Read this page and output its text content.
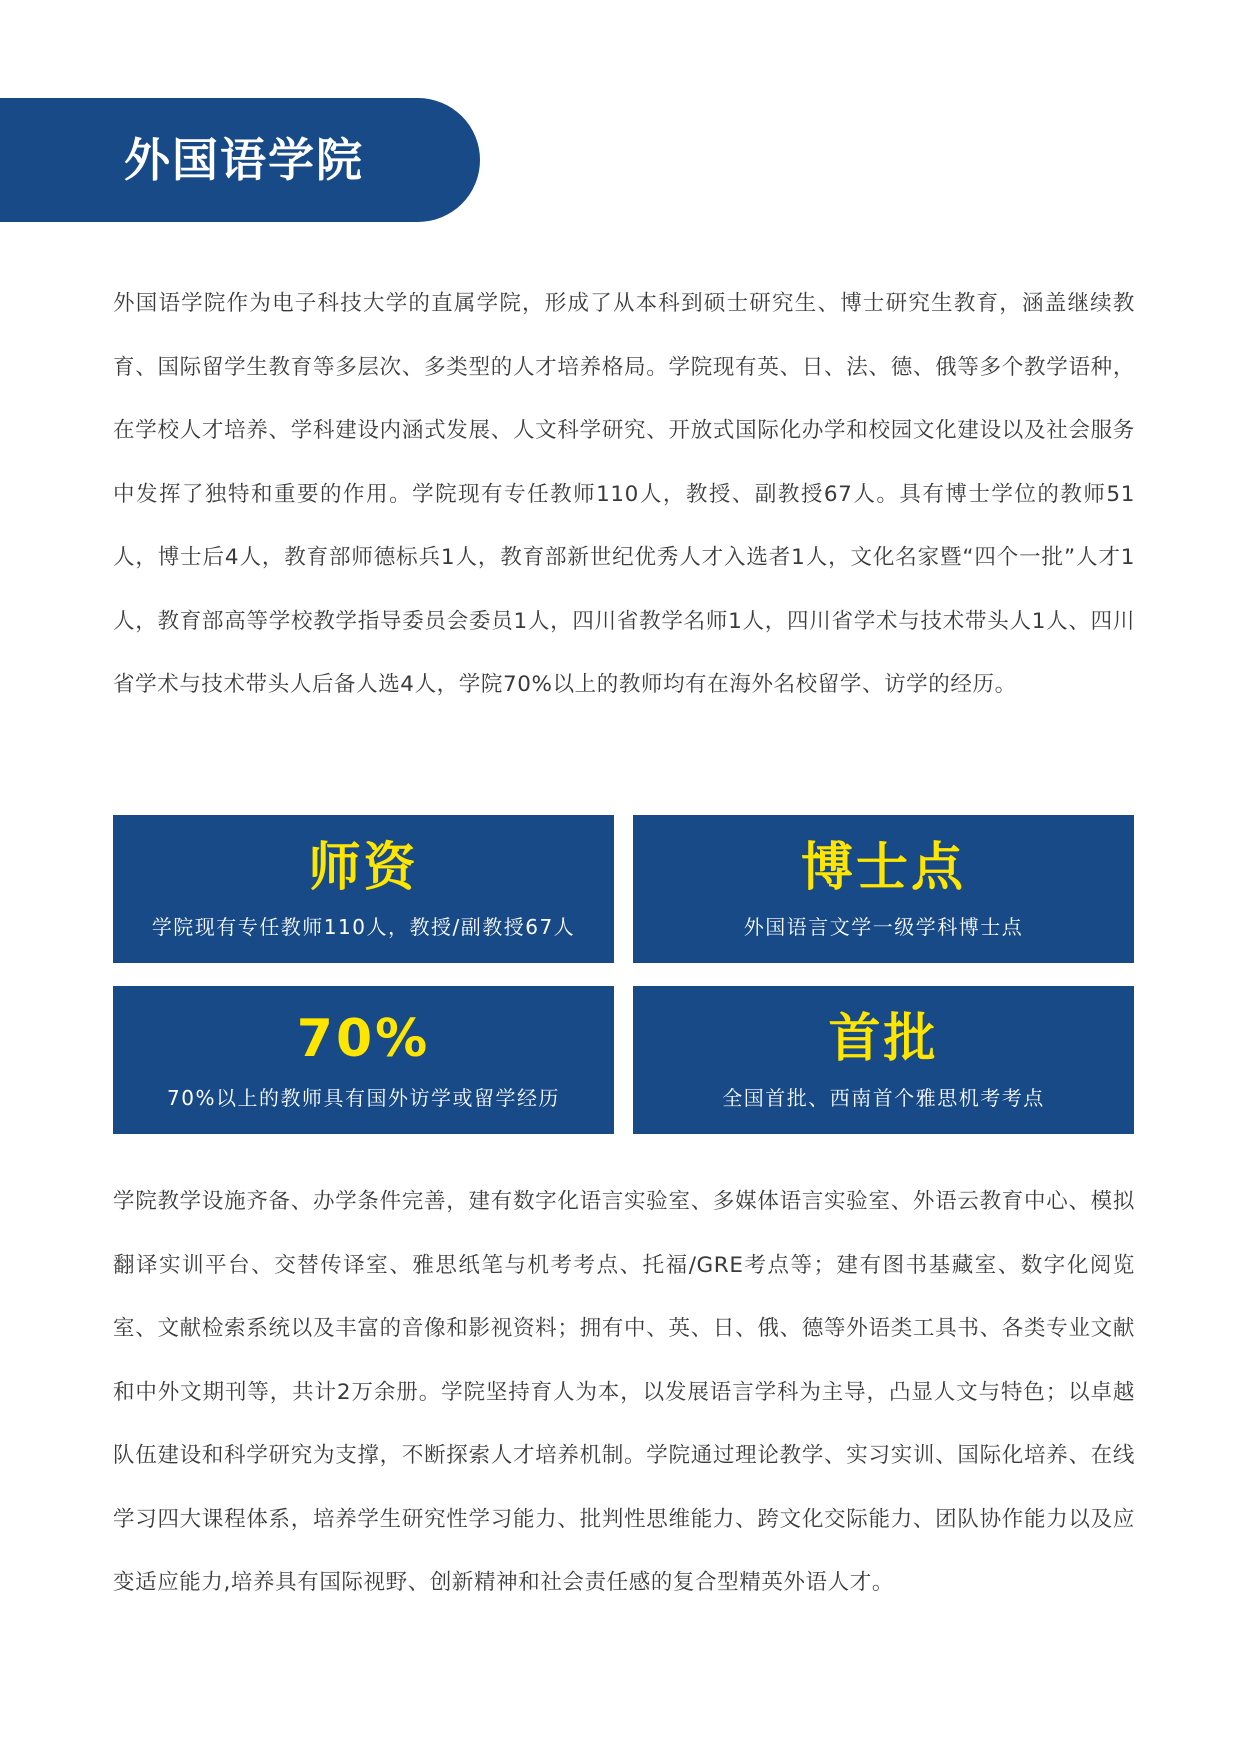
外国语学院

外国语学院作为电子科技大学的直属学院，形成了从本科到硕士研究生、博士研究生教育，涵盖继续教育、国际留学生教育等多层次、多类型的人才培养格局。学院现有英、日、法、德、俄等多个教学语种，在学校人才培养、学科建设内涵式发展、人文科学研究、开放式国际化办学和校园文化建设以及社会服务中发挥了独特和重要的作用。学院现有专任教师110人，教授、副教授67人。具有博士学位的教师51人，博士后4人，教育部师德标兵1人，教育部新世纪优秀人才入选者1人，文化名家暨“四个一批”人才1人，教育部高等学校教学指导委员会委员1人，四川省教学名师1人，四川省学术与技术带头人1人、四川省学术与技术带头人后备人选4人，学院70%以上的教师均有在海外名校留学、访学的经历。

师资
学院现有专任教师110人，教授/副教授67人
博士点
外国语言文学一级学科博士点
70%
70%以上的教师具有国外访学或留学经历
首批
全国首批、西南首个雅思机考考点

学院教学设施齐备、办学条件完善，建有数字化语言实验室、多媒体语言实验室、外语云教育中心、模拟翻译实训平台、交替传译室、雅思纸笔与机考考点、托福/GRE考点等；建有图书基藏室、数字化阅览室、文献检索系统以及丰富的音像和影视资料；拥有中、英、日、俄、德等外语类工具书、各类专业文献和中外文期刊等，共计2万余册。学院坚持育人为本，以发展语言学科为主导，凸显人文与特色；以卓越队伍建设和科学研究为支撑，不断探索人才培养机制。学院通过理论教学、实习实训、国际化培养、在线学习四大课程体系，培养学生研究性学习能力、批判性思维能力、跨文化交际能力、团队协作能力以及应变适应能力,培养具有国际视野、创新精神和社会责任感的复合型精英外语人才。
